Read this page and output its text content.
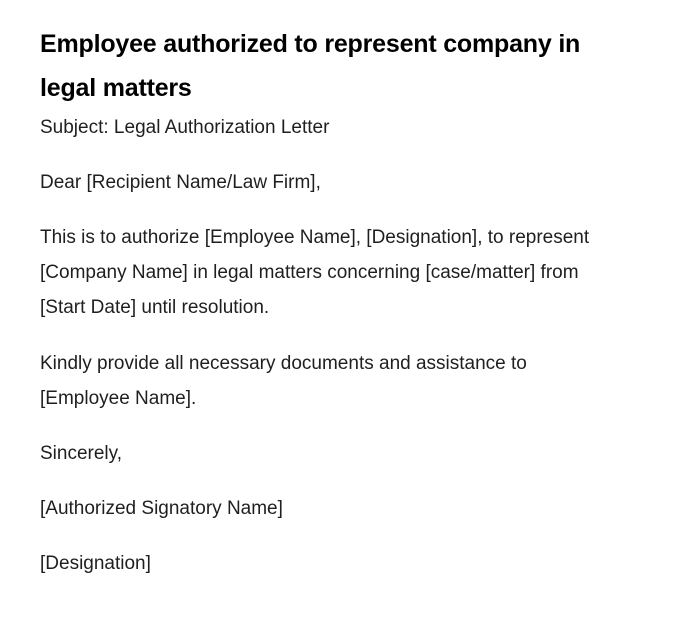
Employee authorized to represent company in legal matters

Subject: Legal Authorization Letter

Dear [Recipient Name/Law Firm],

This is to authorize [Employee Name], [Designation], to represent [Company Name] in legal matters concerning [case/matter] from [Start Date] until resolution.

Kindly provide all necessary documents and assistance to [Employee Name].

Sincerely,

[Authorized Signatory Name]

[Designation]
